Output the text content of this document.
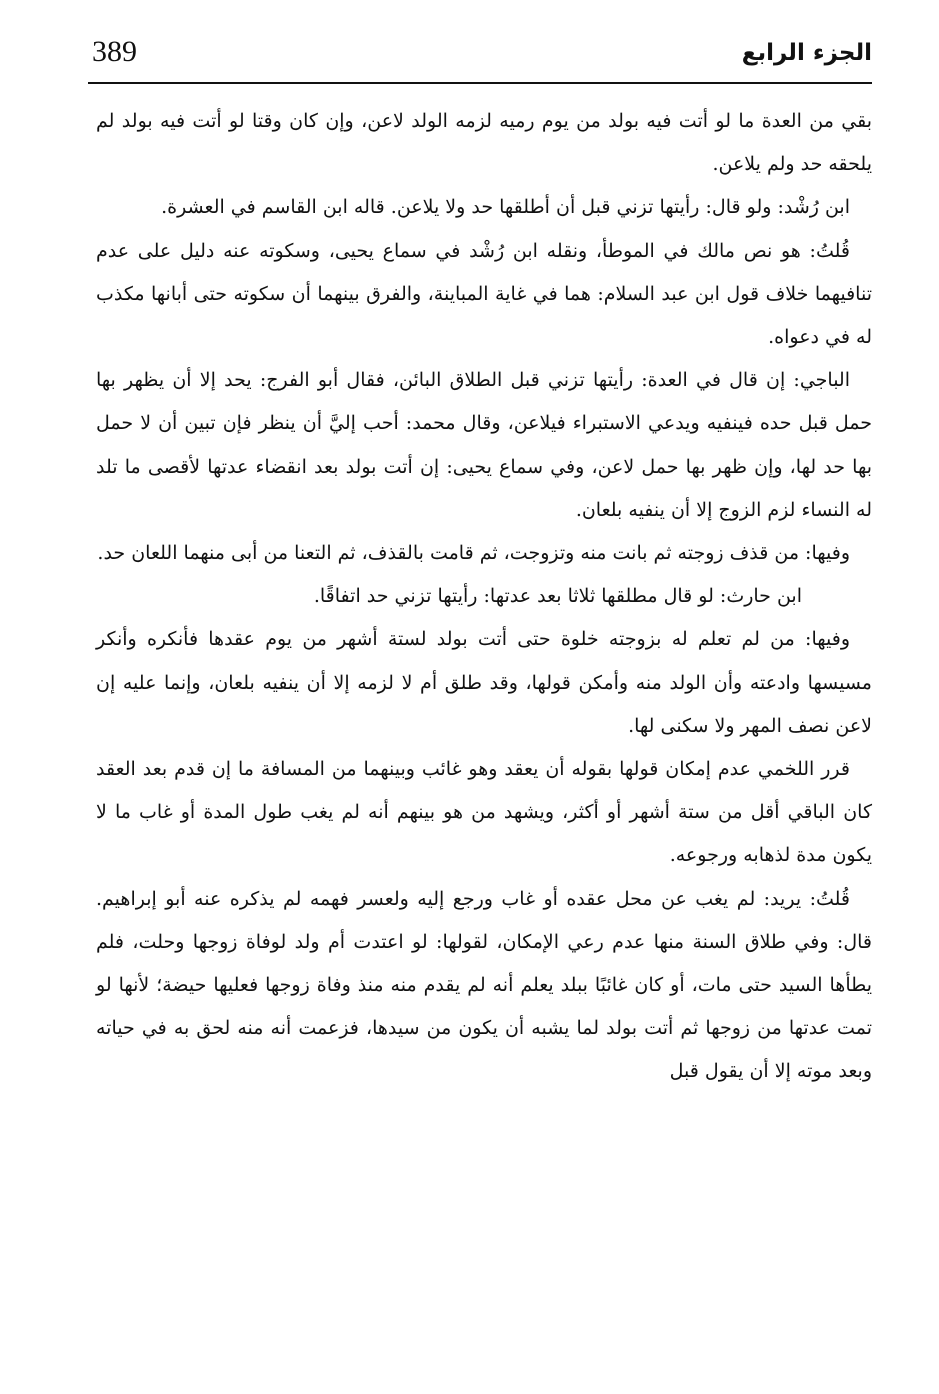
389	الجزء الرابع

بقي من العدة ما لو أتت فيه بولد من يوم رميه لزمه الولد لاعن، وإن كان وقتا لو أتت فيه بولد لم يلحقه حد ولم يلاعن.

ابن رُشْد: ولو قال: رأيتها تزني قبل أن أطلقها حد ولا يلاعن. قاله ابن القاسم في العشرة.

قُلتُ: هو نص مالك في الموطأ، ونقله ابن رُشْد في سماع يحيى، وسكوته عنه دليل على عدم تنافيهما خلاف قول ابن عبد السلام: هما في غاية المباينة، والفرق بينهما أن سكوته حتى أبانها مكذب له في دعواه.

الباجي: إن قال في العدة: رأيتها تزني قبل الطلاق البائن، فقال أبو الفرج: يحد إلا أن يظهر بها حمل قبل حده فينفيه ويدعي الاستبراء فيلاعن، وقال محمد: أحب إليَّ أن ينظر فإن تبين أن لا حمل بها حد لها، وإن ظهر بها حمل لاعن، وفي سماع يحيى: إن أتت بولد بعد انقضاء عدتها لأقصى ما تلد له النساء لزم الزوج إلا أن ينفيه بلعان.

وفيها: من قذف زوجته ثم بانت منه وتزوجت، ثم قامت بالقذف، ثم التعنا من أبى منهما اللعان حد.

ابن حارث: لو قال مطلقها ثلاثا بعد عدتها: رأيتها تزني حد اتفاقًا.

وفيها: من لم تعلم له بزوجته خلوة حتى أتت بولد لستة أشهر من يوم عقدها فأنكره وأنكر مسيسها وادعته وأن الولد منه وأمكن قولها، وقد طلق أم لا لزمه إلا أن ينفيه بلعان، وإنما عليه إن لاعن نصف المهر ولا سكنى لها.

قرر اللخمي عدم إمكان قولها بقوله أن يعقد وهو غائب وبينهما من المسافة ما إن قدم بعد العقد كان الباقي أقل من ستة أشهر أو أكثر، ويشهد من هو بينهم أنه لم يغب طول المدة أو غاب ما لا يكون مدة لذهابه ورجوعه.

قُلتُ: يريد: لم يغب عن محل عقده أو غاب ورجع إليه ولعسر فهمه لم يذكره عنه أبو إبراهيم. قال: وفي طلاق السنة منها عدم رعي الإمكان، لقولها: لو اعتدت أم ولد لوفاة زوجها وحلت، فلم يطأها السيد حتى مات، أو كان غائبًا ببلد يعلم أنه لم يقدم منه منذ وفاة زوجها فعليها حيضة؛ لأنها لو تمت عدتها من زوجها ثم أتت بولد لما يشبه أن يكون من سيدها، فزعمت أنه منه لحق به في حياته وبعد موته إلا أن يقول قبل
